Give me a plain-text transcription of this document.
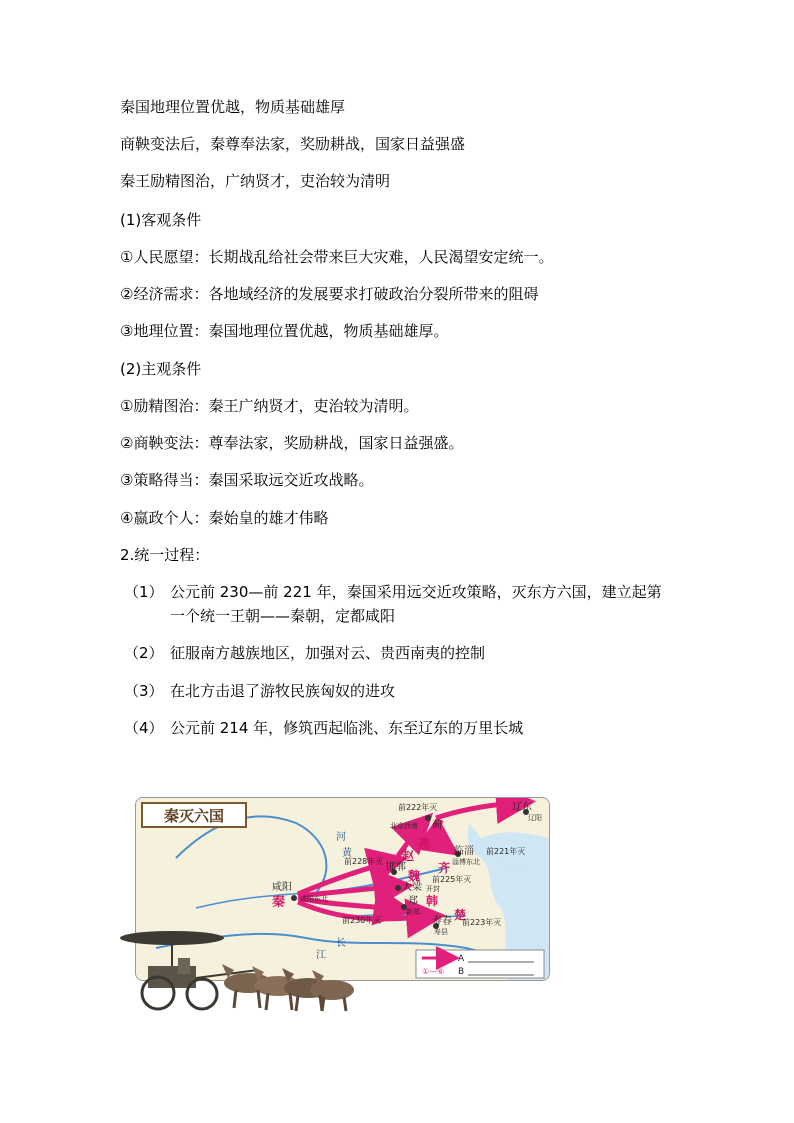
秦国地理位置优越，物质基础雄厚
商鞅变法后，秦尊奉法家，奖励耕战，国家日益强盛
秦王励精图治，广纳贤才，吏治较为清明
(1)客观条件
①人民愿望：长期战乱给社会带来巨大灾难，人民渴望安定统一。
②经济需求：各地域经济的发展要求打破政治分裂所带来的阻碍
③地理位置：秦国地理位置优越，物质基础雄厚。
(2)主观条件
①励精图治：秦王广纳贤才，吏治较为清明。
②商鞅变法：尊奉法家，奖励耕战，国家日益强盛。
③策略得当：秦国采取远交近攻战略。
④嬴政个人：秦始皇的雄才伟略
2.统一过程：
（1） 公元前 230—前 221 年，秦国采用远交近攻策略，灭东方六国，建立起第
一个统一王朝——秦朝，定都咸阳
（2） 征服南方越族地区，加强对云、贵西南夷的控制
（3） 在北方击退了游牧民族匈奴的进攻
（4） 公元前 214 年，修筑西起临洮、东至辽东的万里长城
秦灭六国
咸阳
咸阳东北
秦
邯郸
赵
大梁 开封
魏
郑
新郑
韩
寿春
寿县
楚
燕
蓟
北京西南
临淄
淄博东北
齐
辽东
辽阳
河
黄
江
长
前230年灭
前228年灭
前225年灭
前223年灭
前222年灭
前221年灭
A
①—⑥ B
